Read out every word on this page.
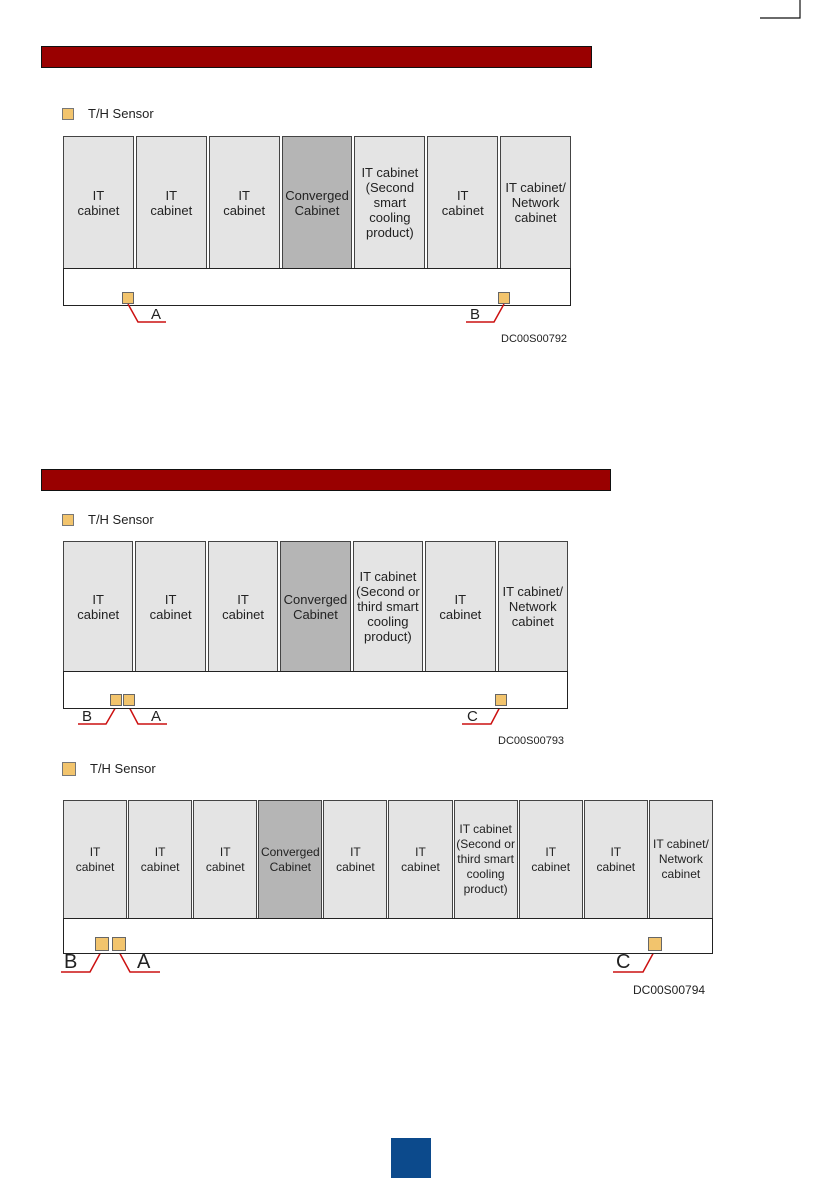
T/H Sensor
IT
cabinet
IT
cabinet
IT
cabinet
Converged
Cabinet
IT cabinet
(Second
smart
cooling
product)
IT
cabinet
IT cabinet/
Network
cabinet
A	B
DC00S00792
T/H Sensor
IT
cabinet
IT
cabinet
IT
cabinet
Converged
Cabinet
IT cabinet
(Second or
third smart
cooling
product)
IT
cabinet
IT cabinet/
Network
cabinet
B	A	C
DC00S00793
T/H Sensor
IT
cabinet
IT
cabinet
IT
cabinet
Converged
Cabinet
IT
cabinet
IT
cabinet
IT cabinet
(Second or
third smart
cooling
product)
IT
cabinet
IT
cabinet
IT cabinet/
Network
cabinet
B	A	C
DC00S00794
